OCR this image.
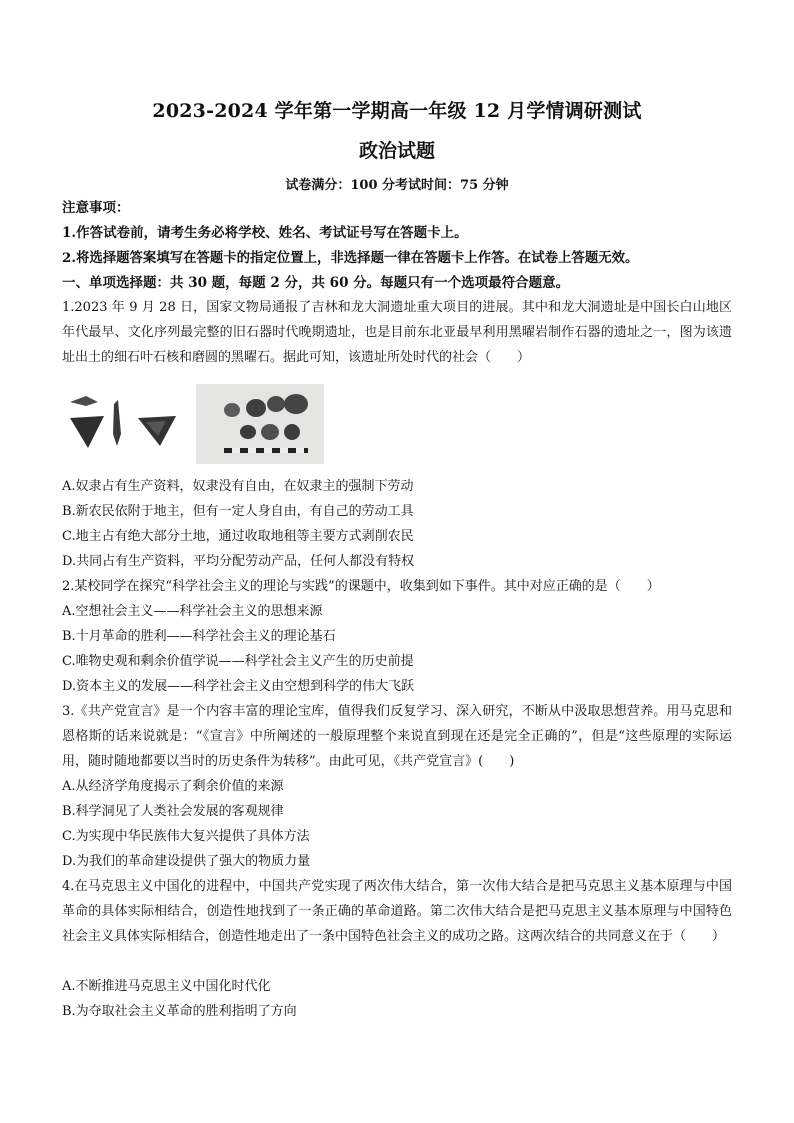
2023-2024 学年第一学期高一年级 12 月学情调研测试
政治试题
试卷满分：100 分考试时间：75 分钟
注意事项：
1.作答试卷前，请考生务必将学校、姓名、考试证号写在答题卡上。
2.将选择题答案填写在答题卡的指定位置上，非选择题一律在答题卡上作答。在试卷上答题无效。
一、单项选择题：共 30 题，每题 2 分，共 60 分。每题只有一个选项最符合题意。
1.2023 年 9 月 28 日，国家文物局通报了吉林和龙大洞遗址重大项目的进展。其中和龙大洞遗址是中国长白山地区年代最早、文化序列最完整的旧石器时代晚期遗址，也是目前东北亚最早利用黑曜岩制作石器的遗址之一，图为该遗址出土的细石叶石核和磨圆的黑曜石。据此可知，该遗址所处时代的社会（　　）
A.奴隶占有生产资料，奴隶没有自由，在奴隶主的强制下劳动
B.新农民依附于地主，但有一定人身自由，有自己的劳动工具
C.地主占有绝大部分土地，通过收取地租等主要方式剥削农民
D.共同占有生产资料，平均分配劳动产品，任何人都没有特权
2.某校同学在探究“科学社会主义的理论与实践”的课题中，收集到如下事件。其中对应正确的是（　　）
A.空想社会主义——科学社会主义的思想来源
B.十月革命的胜利——科学社会主义的理论基石
C.唯物史观和剩余价值学说——科学社会主义产生的历史前提
D.资本主义的发展——科学社会主义由空想到科学的伟大飞跃
3.《共产党宣言》是一个内容丰富的理论宝库，值得我们反复学习、深入研究，不断从中汲取思想营养。用马克思和恩格斯的话来说就是：“《宣言》中所阐述的一般原理整个来说直到现在还是完全正确的”，但是“这些原理的实际运用，随时随地都要以当时的历史条件为转移”。由此可见，《共产党宣言》(　　)
A.从经济学角度揭示了剩余价值的来源
B.科学洞见了人类社会发展的客观规律
C.为实现中华民族伟大复兴提供了具体方法
D.为我们的革命建设提供了强大的物质力量
4.在马克思主义中国化的进程中，中国共产党实现了两次伟大结合，第一次伟大结合是把马克思主义基本原理与中国革命的具体实际相结合，创造性地找到了一条正确的革命道路。第二次伟大结合是把马克思主义基本原理与中国特色社会主义具体实际相结合，创造性地走出了一条中国特色社会主义的成功之路。这两次结合的共同意义在于（　　）
A.不断推进马克思主义中国化时代化
B.为夺取社会主义革命的胜利指明了方向
